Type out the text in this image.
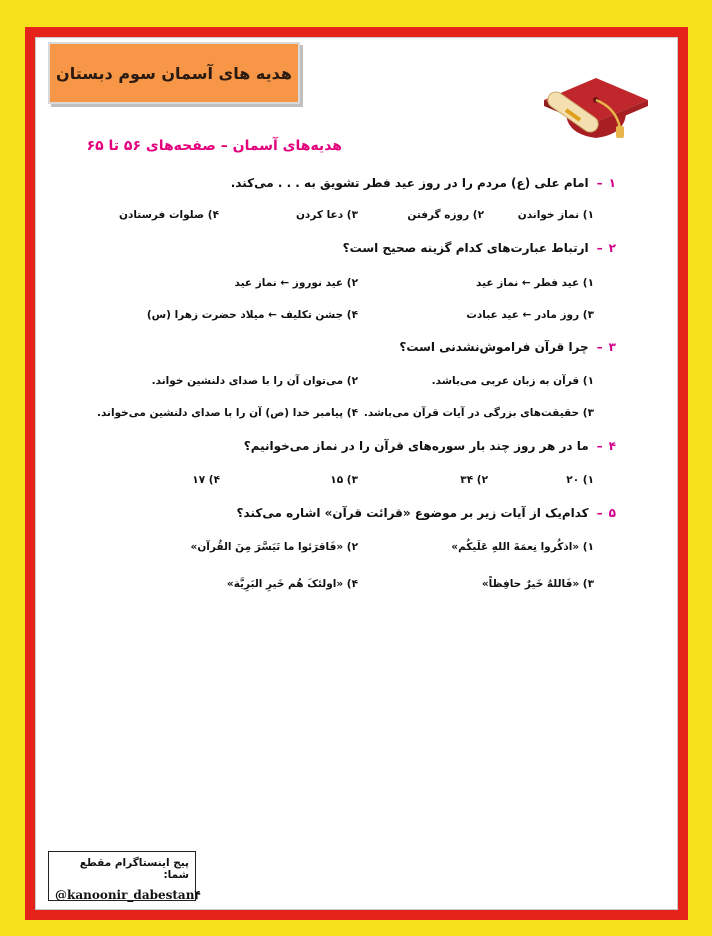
هدیه های آسمان سوم دبستان
هدیه‌های آسمان – صفحه‌های ۵۶ تا ۶۵
۱–امام علی (ع) مردم را در روز عید فطر تشویق به . . . می‌کند.
۱) نماز خواندن
۲) روزه گرفتن
۳) دعا کردن
۴) صلوات فرستادن
۲–ارتباط عبارت‌های کدام گزینه صحیح است؟
۱) عید فطر ← نماز عید
۲) عید نوروز ← نماز عید
۳) روز مادر ← عید عبادت
۴) جشن تکلیف ← میلاد حضرت زهرا (س)
۳–چرا قرآن فراموش‌نشدنی است؟
۱) قرآن به زبان عربی می‌باشد.
۲) می‌توان آن را با صدای دلنشین خواند.
۳) حقیقت‌های بزرگی در آیات قرآن می‌باشد.
۴) پیامبر خدا (ص) آن را با صدای دلنشین می‌خواند.
۴–ما در هر روز چند بار سوره‌های قرآن را در نماز می‌خوانیم؟
۱) ۲۰
۲) ۳۴
۳) ۱۵
۴) ۱۷
۵–کدام‌یک از آیات زیر بر موضوع «قرائت قرآن» اشاره می‌کند؟
۱) «اذکُروا نِعمَةَ اللهِ عَلَیکُم»
۲) «فَاقرَئوا ما تَیَسَّرَ مِنَ القُرآن»
۳) «فَاللهُ خَیرٌ حافِظاً»
۴) «اولئکَ هُم خَیرِ البَرِیَّة»
پیج اینستاگرام مقطع شما:
@kanoonir_dabestan۴
